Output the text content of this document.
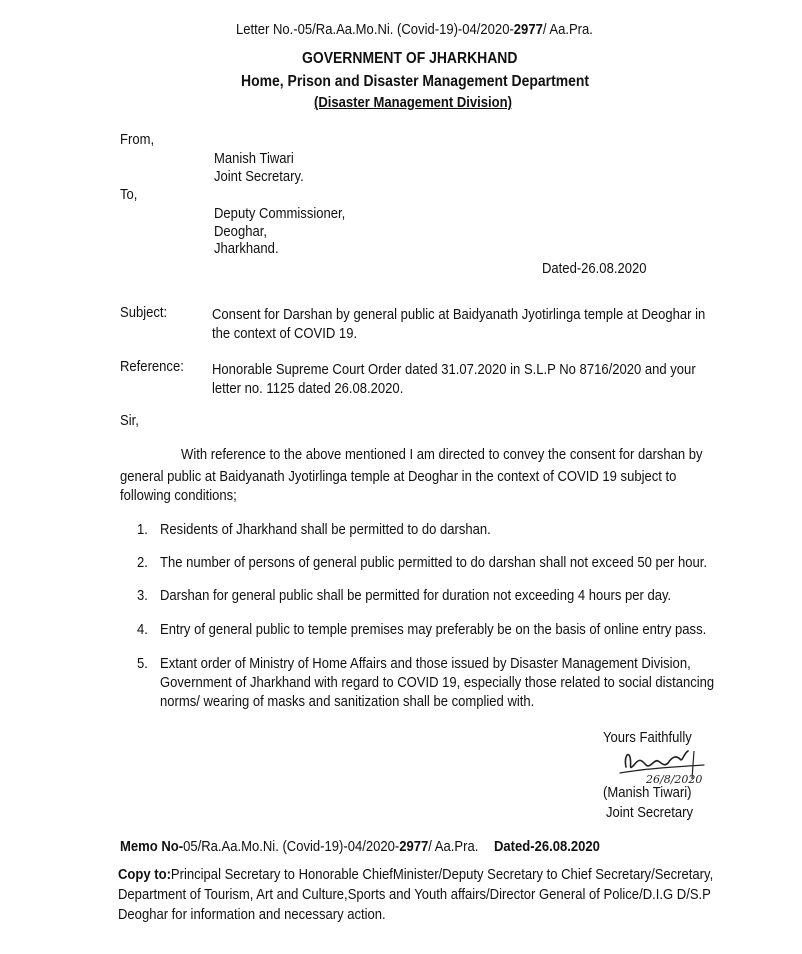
Letter No.-05/Ra.Aa.Mo.Ni. (Covid-19)-04/2020-2977/ Aa.Pra.
GOVERNMENT OF JHARKHAND
Home, Prison and Disaster Management Department
(Disaster Management Division)
From,
Manish Tiwari
Joint Secretary.
To,
Deputy Commissioner,
Deoghar,
Jharkhand.
Dated-26.08.2020
Subject:	Consent for Darshan by general public at Baidyanath Jyotirlinga temple at Deoghar in
the context of COVID 19.
Reference: Honorable Supreme Court Order dated 31.07.2020 in S.L.P No 8716/2020 and your
letter no. 1125 dated 26.08.2020.
Sir,
With reference to the above mentioned I am directed to convey the consent for darshan by
general public at Baidyanath Jyotirlinga temple at Deoghar in the context of COVID 19 subject to
following conditions;
1. Residents of Jharkhand shall be permitted to do darshan.
2. The number of persons of general public permitted to do darshan shall not exceed 50 per hour.
3. Darshan for general public shall be permitted for duration not exceeding 4 hours per day.
4. Entry of general public to temple premises may preferably be on the basis of online entry pass.
5. Extant order of Ministry of Home Affairs and those issued by Disaster Management Division,
Government of Jharkhand with regard to COVID 19, especially those related to social distancing
norms/ wearing of masks and sanitization shall be complied with.
Yours Faithfully
26/8/2020
(Manish Tiwari)
Joint Secretary
Memo No-05/Ra.Aa.Mo.Ni. (Covid-19)-04/2020-2977/ Aa.Pra. Dated-26.08.2020
Copy to:Principal Secretary to Honorable ChiefMinister/Deputy Secretary to Chief Secretary/Secretary,
Department of Tourism, Art and Culture,Sports and Youth affairs/Director General of Police/D.I.G D/S.P
Deoghar for information and necessary action.
